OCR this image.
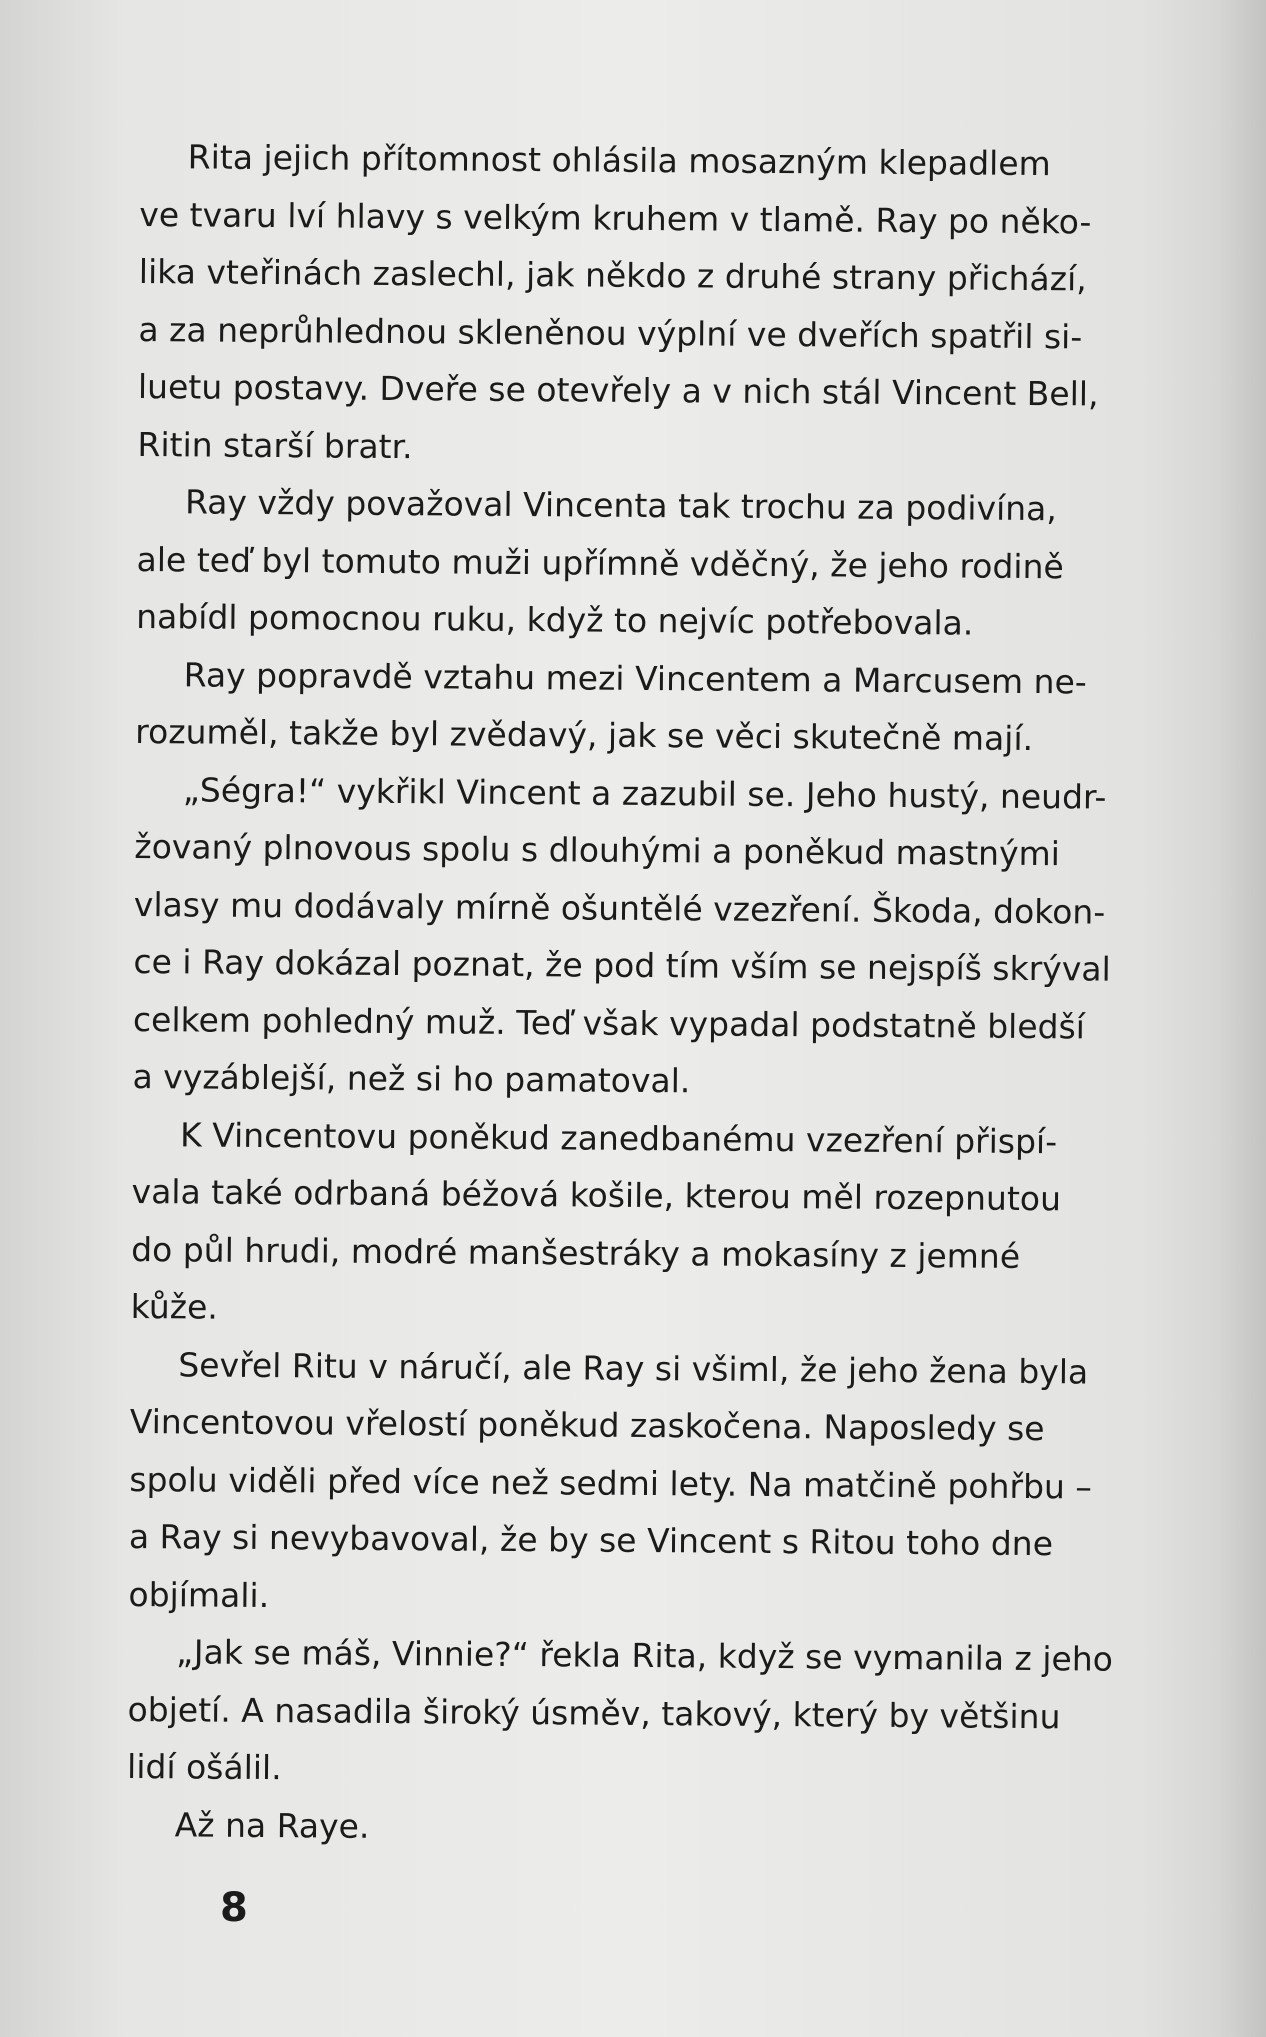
Rita jejich přítomnost ohlásila mosazným klepadlem
ve tvaru lví hlavy s velkým kruhem v tlamě. Ray po něko-
lika vteřinách zaslechl, jak někdo z druhé strany přichází,
a za neprůhlednou skleněnou výplní ve dveřích spatřil si-
luetu postavy. Dveře se otevřely a v nich stál Vincent Bell,
Ritin starší bratr.

Ray vždy považoval Vincenta tak trochu za podivína,
ale teď byl tomuto muži upřímně vděčný, že jeho rodině
nabídl pomocnou ruku, když to nejvíc potřebovala.

Ray popravdě vztahu mezi Vincentem a Marcusem ne-
rozuměl, takže byl zvědavý, jak se věci skutečně mají.

„Ségra!“ vykřikl Vincent a zazubil se. Jeho hustý, neudr-
žovaný plnovous spolu s dlouhými a poněkud mastnými
vlasy mu dodávaly mírně ošuntělé vzezření. Škoda, dokon-
ce i Ray dokázal poznat, že pod tím vším se nejspíš skrýval
celkem pohledný muž. Teď však vypadal podstatně bledší
a vyzáblejší, než si ho pamatoval.

K Vincentovu poněkud zanedbanému vzezření přispí-
vala také odrbaná béžová košile, kterou měl rozepnutou
do půl hrudi, modré manšestráky a mokasíny z jemné
kůže.

Sevřel Ritu v náručí, ale Ray si všiml, že jeho žena byla
Vincentovou vřelostí poněkud zaskočena. Naposledy se
spolu viděli před více než sedmi lety. Na matčině pohřbu –
a Ray si nevybavoval, že by se Vincent s Ritou toho dne
objímali.

„Jak se máš, Vinnie?“ řekla Rita, když se vymanila z jeho
objetí. A nasadila široký úsměv, takový, který by většinu
lidí ošálil.

Až na Raye.

8
